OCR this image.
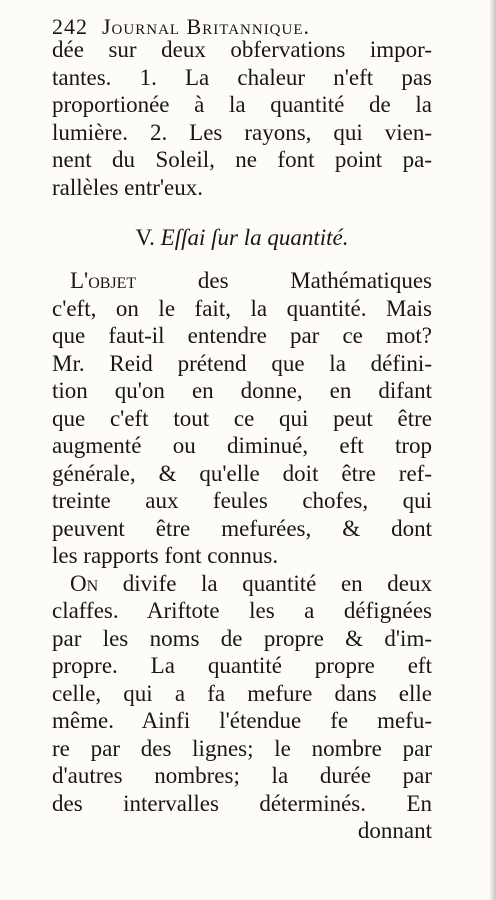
242 Journal Britannique.
dée sur deux obfervations impor-
tantes. 1. La chaleur n'eft pas
proportionée à la quantité de la
lumière. 2. Les rayons, qui vien-
nent du Soleil, ne font point pa-
rallèles entr'eux.
V. Eſſai ſur la quantité.
L'objet des Mathématiques
c'eft, on le fait, la quantité. Mais
que faut-il entendre par ce mot?
Mr. Reid prétend que la défini-
tion qu'on en donne, en difant
que c'eft tout ce qui peut être
augmenté ou diminué, eft trop
générale, & qu'elle doit être ref-
treinte aux feules chofes, qui
peuvent être mefurées, & dont
les rapports font connus.
On divife la quantité en deux
claffes. Ariftote les a défignées
par les noms de propre & d'im-
propre. La quantité propre eft
celle, qui a fa mefure dans elle
même. Ainfi l'étendue fe mefu-
re par des lignes; le nombre par
d'autres nombres; la durée par
des intervalles déterminés. En
donnant
